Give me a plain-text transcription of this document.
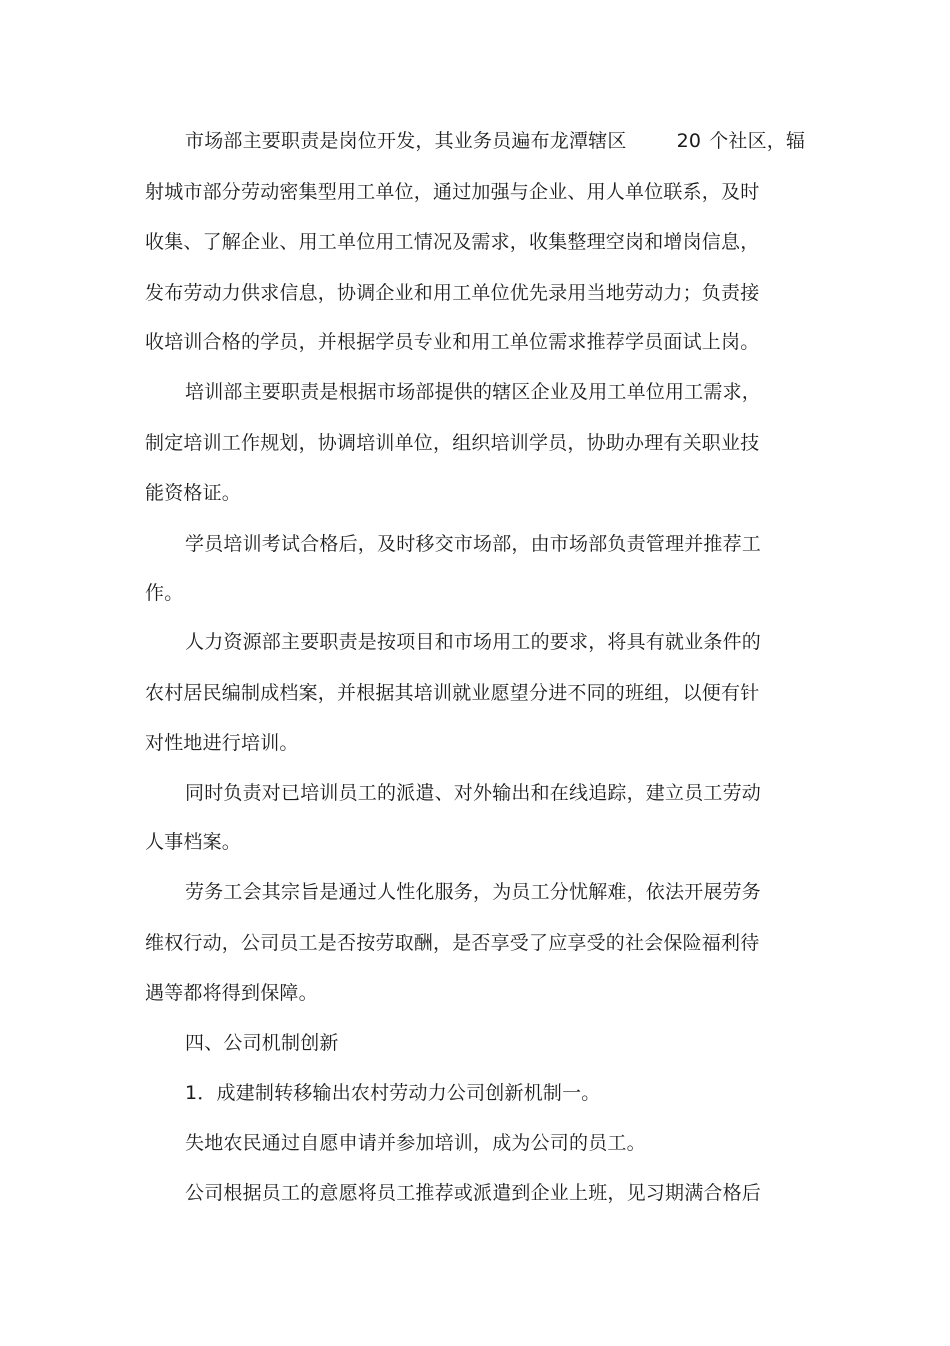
市场部主要职责是岗位开发，其业务员遍布龙潭辖区	20 个社区，辐
射城市部分劳动密集型用工单位，通过加强与企业、用人单位联系，及时
收集、了解企业、用工单位用工情况及需求，收集整理空岗和增岗信息，
发布劳动力供求信息，协调企业和用工单位优先录用当地劳动力；负责接
收培训合格的学员，并根据学员专业和用工单位需求推荐学员面试上岗。
培训部主要职责是根据市场部提供的辖区企业及用工单位用工需求，
制定培训工作规划，协调培训单位，组织培训学员，协助办理有关职业技
能资格证。
学员培训考试合格后，及时移交市场部，由市场部负责管理并推荐工
作。
人力资源部主要职责是按项目和市场用工的要求，将具有就业条件的
农村居民编制成档案，并根据其培训就业愿望分进不同的班组，以便有针
对性地进行培训。
同时负责对已培训员工的派遣、对外输出和在线追踪，建立员工劳动
人事档案。
劳务工会其宗旨是通过人性化服务，为员工分忧解难，依法开展劳务
维权行动，公司员工是否按劳取酬，是否享受了应享受的社会保险福利待
遇等都将得到保障。
四、公司机制创新
1．成建制转移输出农村劳动力公司创新机制一。
失地农民通过自愿申请并参加培训，成为公司的员工。
公司根据员工的意愿将员工推荐或派遣到企业上班，见习期满合格后
